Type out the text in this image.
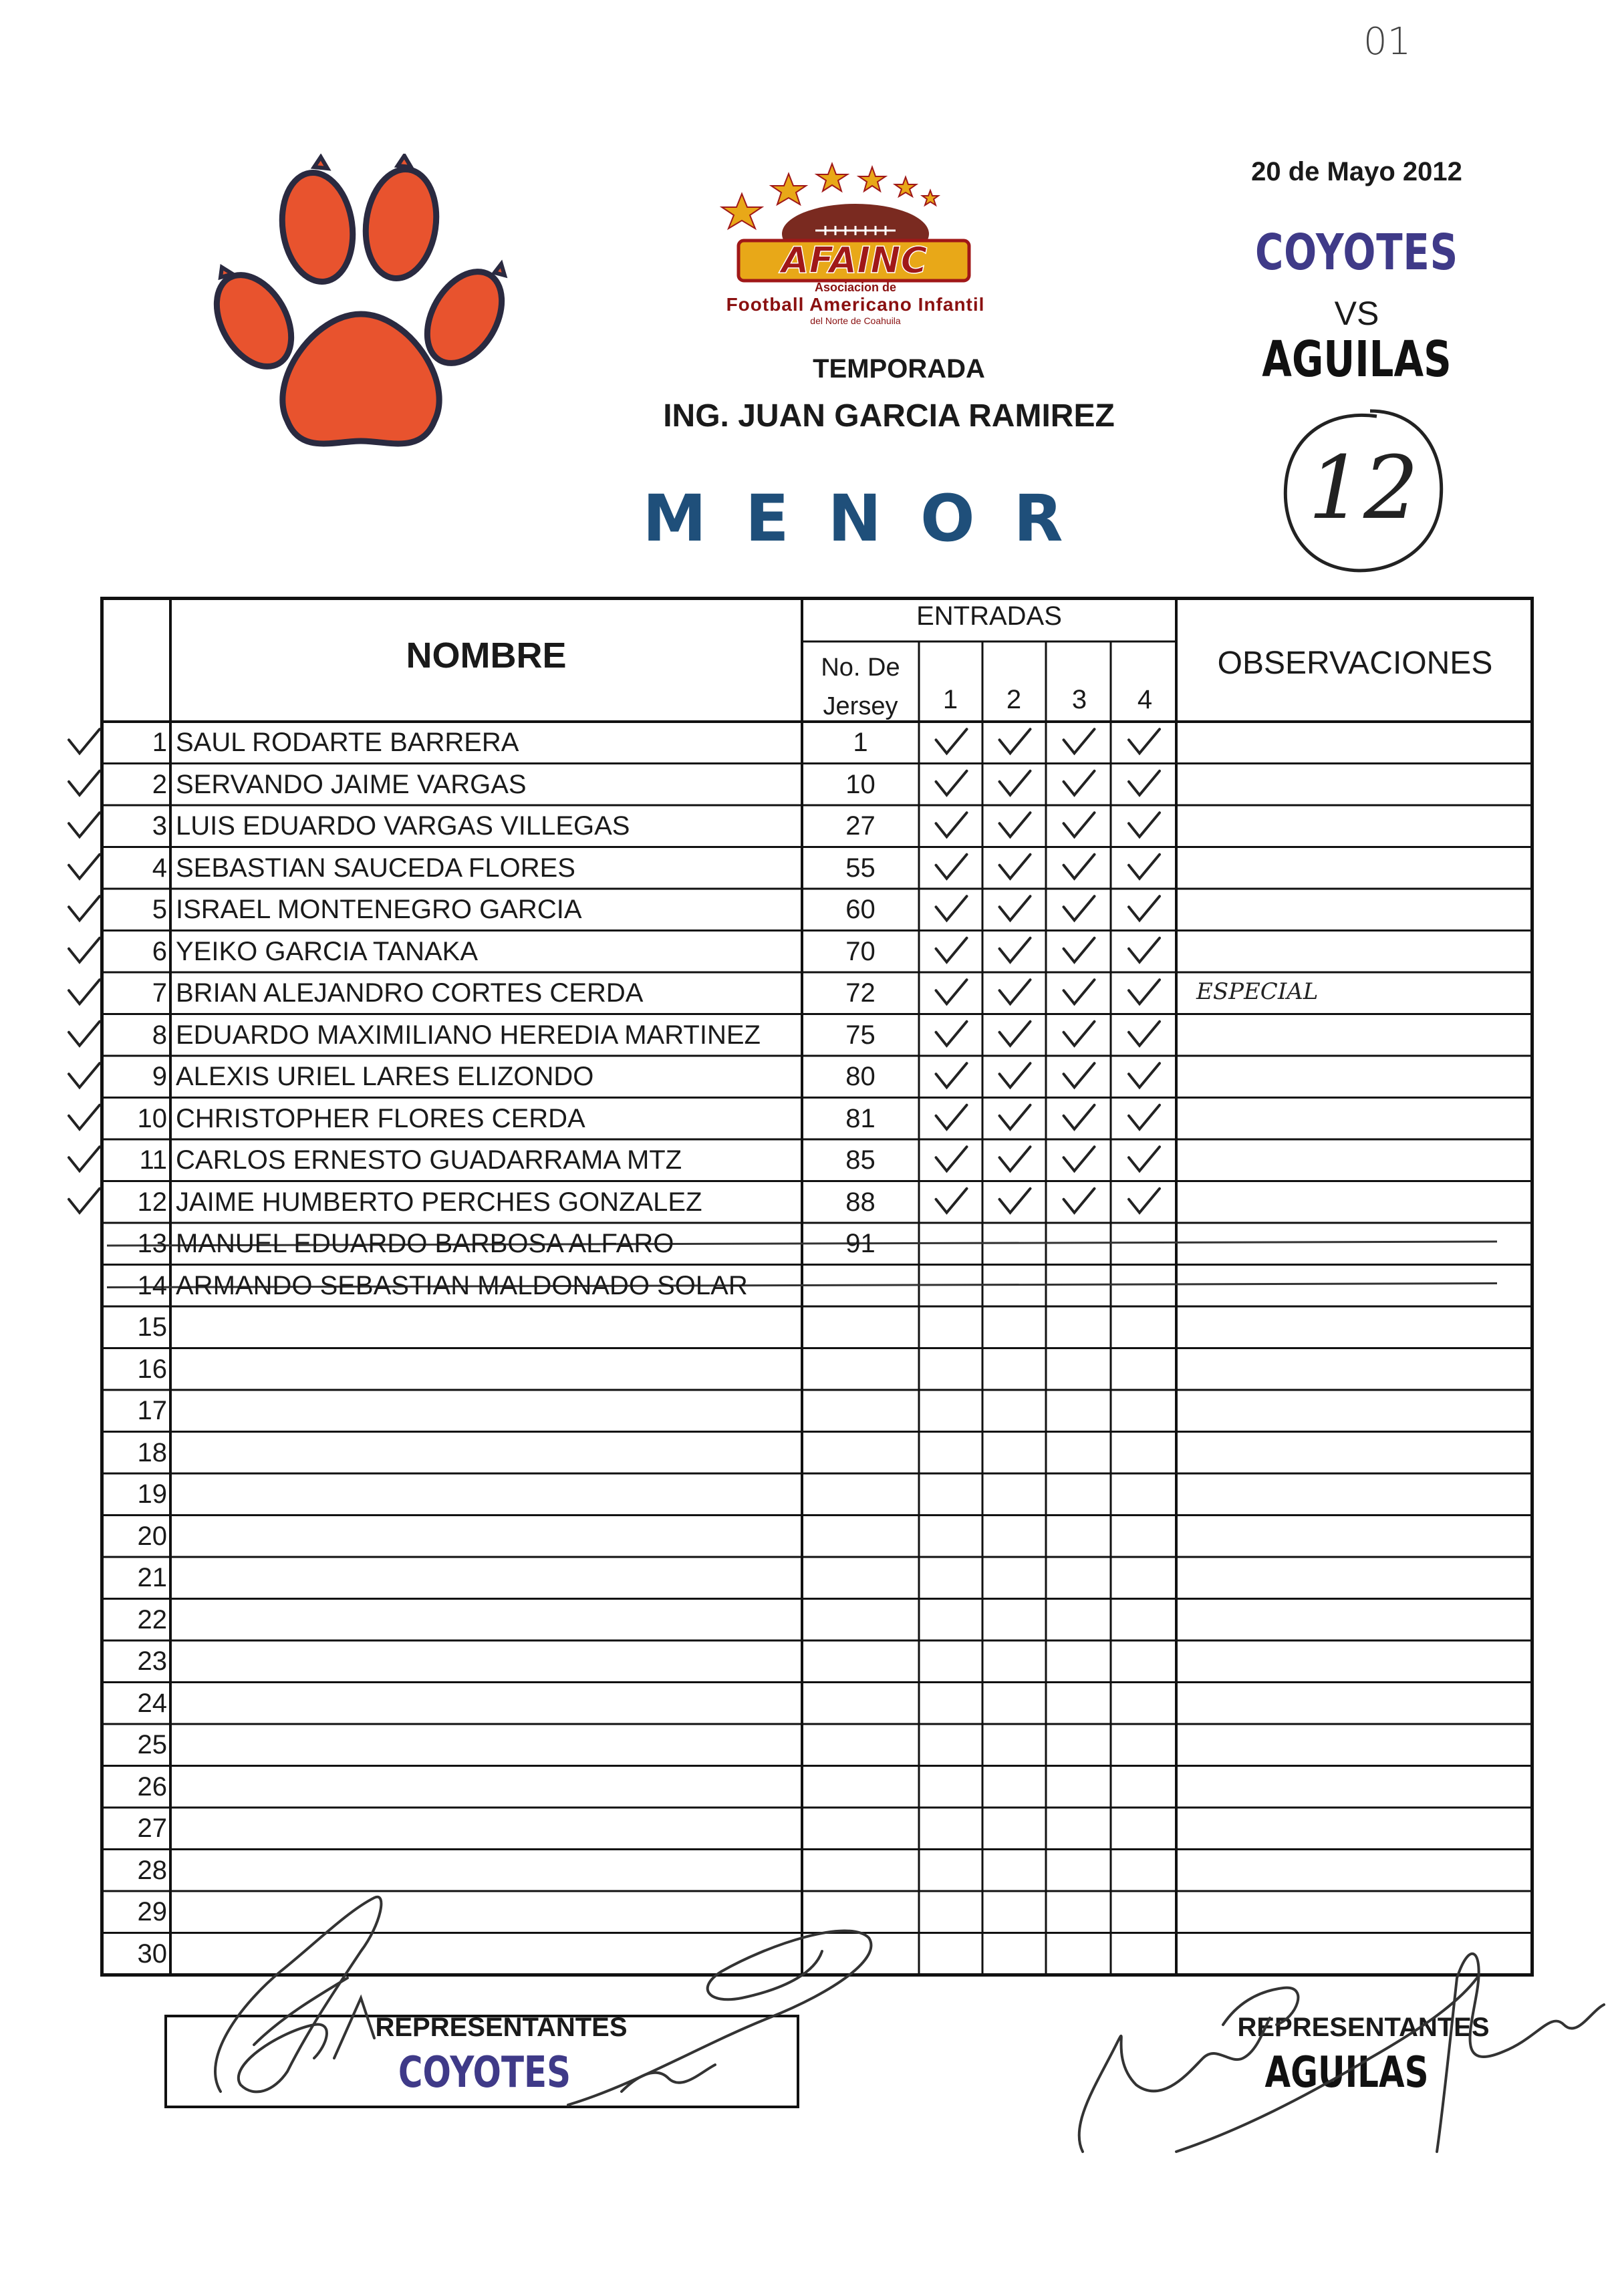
01
AFAINC
Asociacion de
Football Americano Infantil
del Norte de Coahuila
TEMPORADA
ING. JUAN GARCIA RAMIREZ
MENOR
20 de Mayo 2012
COYOTES
VS
AGUILAS
12
NOMBRE
ENTRADAS
No. De Jersey
OBSERVACIONES
1	2	3	4
1 SAUL RODARTE BARRERA	1
2 SERVANDO JAIME VARGAS	10
3 LUIS EDUARDO VARGAS VILLEGAS	27
4 SEBASTIAN SAUCEDA FLORES	55
5 ISRAEL MONTENEGRO GARCIA	60
6 YEIKO GARCIA TANAKA	70
7 BRIAN ALEJANDRO CORTES CERDA	72	ESPECIAL
8 EDUARDO MAXIMILIANO HEREDIA MARTINEZ	75
9 ALEXIS URIEL LARES ELIZONDO	80
10 CHRISTOPHER FLORES CERDA	81
11 CARLOS ERNESTO GUADARRAMA MTZ	85
12 JAIME HUMBERTO PERCHES GONZALEZ	88
13 MANUEL EDUARDO BARBOSA ALFARO	91
14 ARMANDO SEBASTIAN MALDONADO SOLAR
15
16
17
18
19
20
21
22
23
24
25
26
27
28
29
30
REPRESENTANTES
COYOTES
REPRESENTANTES
AGUILAS
